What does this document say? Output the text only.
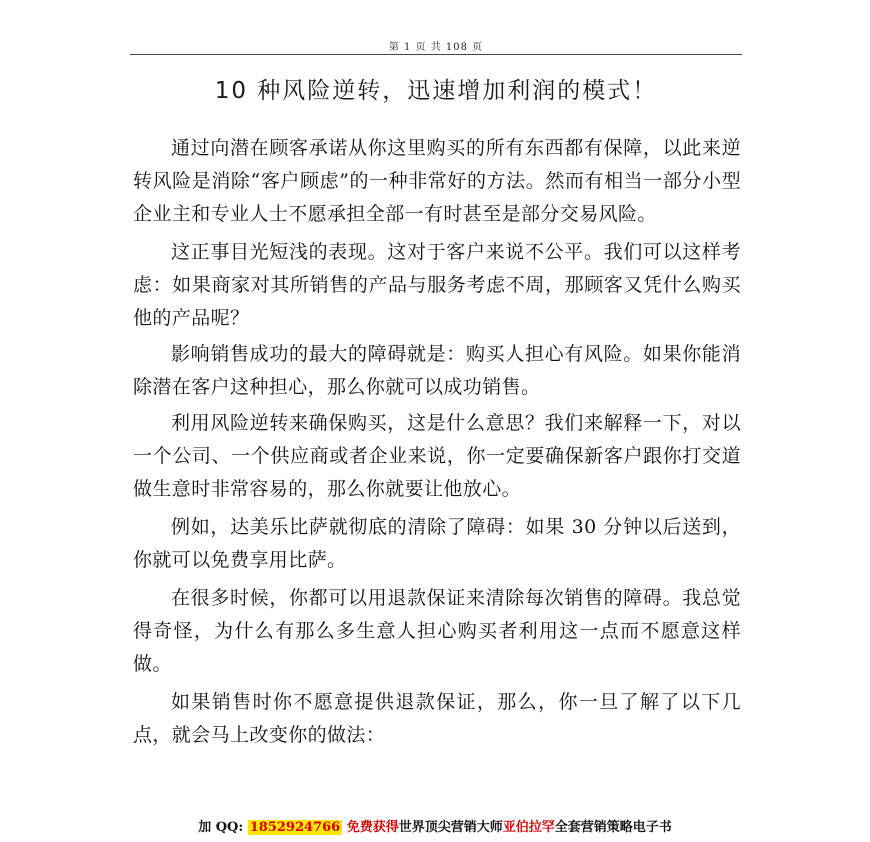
第 1 页 共 108 页
10 种风险逆转，迅速增加利润的模式！

通过向潜在顾客承诺从你这里购买的所有东西都有保障，以此来逆转风险是消除“客户顾虑”的一种非常好的方法。然而有相当一部分小型企业主和专业人士不愿承担全部一有时甚至是部分交易风险。

这正事目光短浅的表现。这对于客户来说不公平。我们可以这样考虑：如果商家对其所销售的产品与服务考虑不周，那顾客又凭什么购买他的产品呢？

影响销售成功的最大的障碍就是：购买人担心有风险。如果你能消除潜在客户这种担心，那么你就可以成功销售。

利用风险逆转来确保购买，这是什么意思？我们来解释一下，对以一个公司、一个供应商或者企业来说，你一定要确保新客户跟你打交道做生意时非常容易的，那么你就要让他放心。

例如，达美乐比萨就彻底的清除了障碍：如果 30 分钟以后送到，你就可以免费享用比萨。

在很多时候，你都可以用退款保证来清除每次销售的障碍。我总觉得奇怪，为什么有那么多生意人担心购买者利用这一点而不愿意这样做。

如果销售时你不愿意提供退款保证，那么，你一旦了解了以下几点，就会马上改变你的做法：

加 QQ: 1852924766 免费获得世界顶尖营销大师亚伯拉罕全套营销策略电子书
